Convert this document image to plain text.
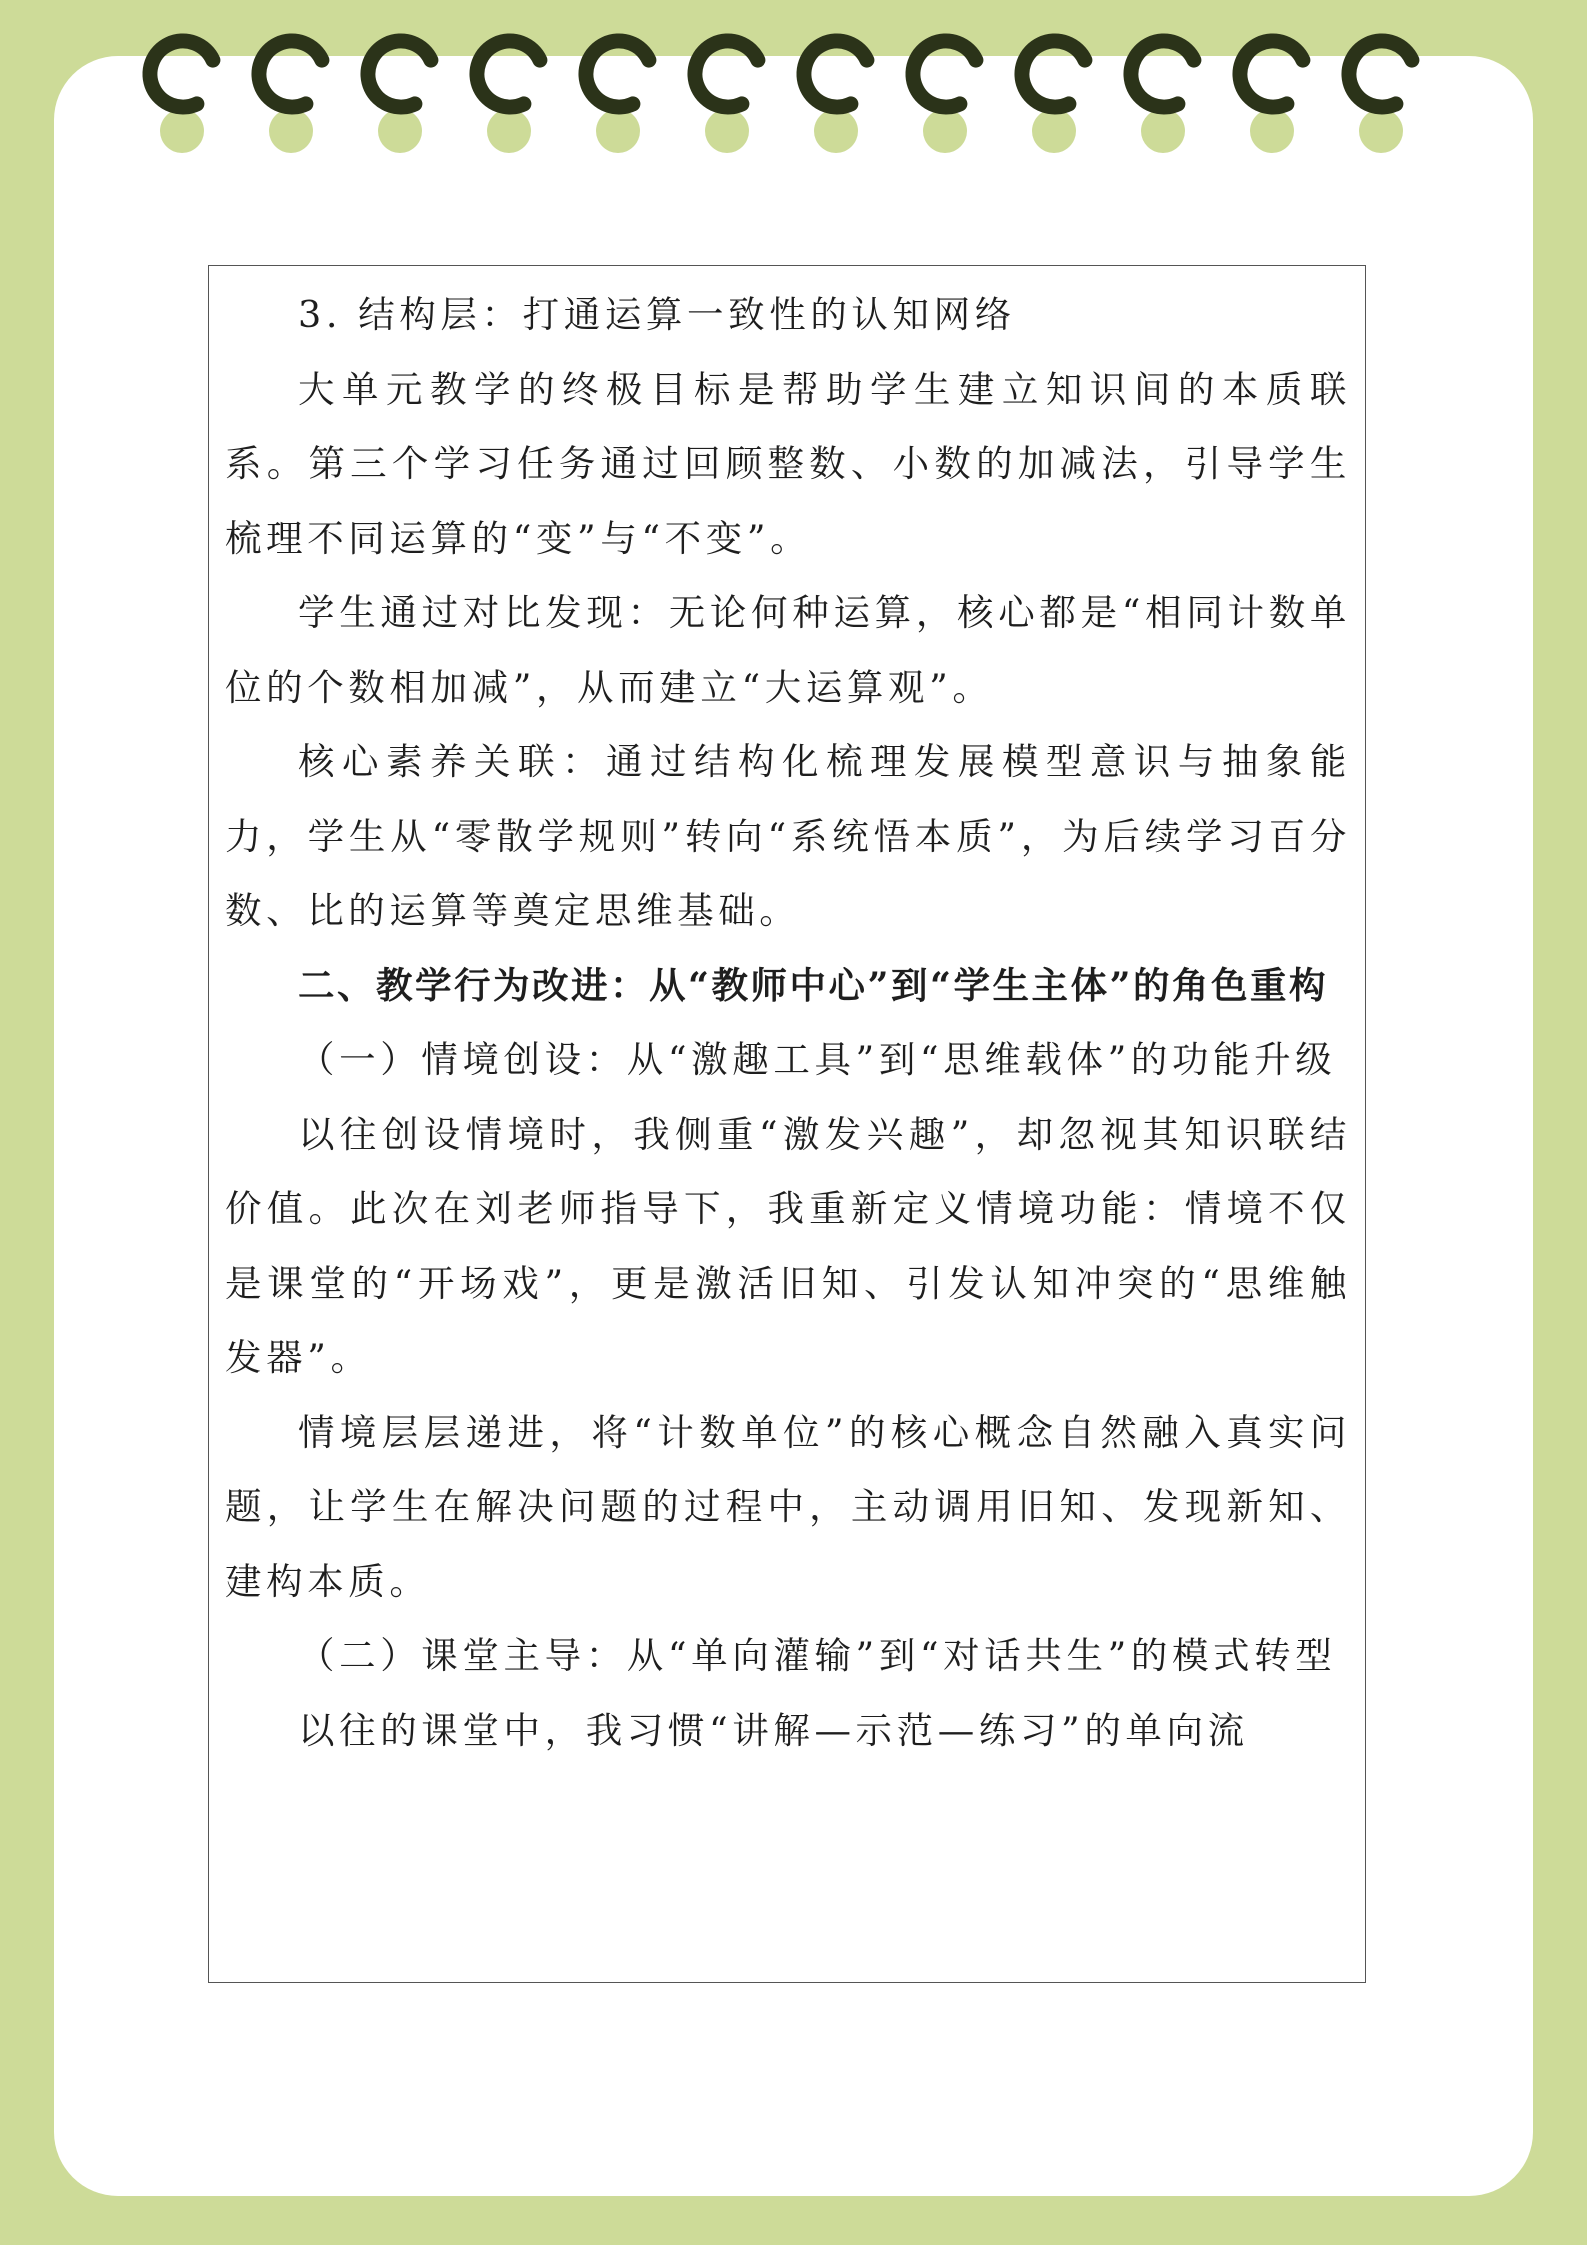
3. 结构层：打通运算一致性的认知网络

大单元教学的终极目标是帮助学生建立知识间的本质联系。第三个学习任务通过回顾整数、小数的加减法，引导学生梳理不同运算的“变”与“不变”。

学生通过对比发现：无论何种运算，核心都是“相同计数单位的个数相加减”，从而建立“大运算观”。

核心素养关联：通过结构化梳理发展模型意识与抽象能力，学生从“零散学规则”转向“系统悟本质”，为后续学习百分数、比的运算等奠定思维基础。

二、教学行为改进：从“教师中心”到“学生主体”的角色重构

（一）情境创设：从“激趣工具”到“思维载体”的功能升级

以往创设情境时，我侧重“激发兴趣”，却忽视其知识联结价值。此次在刘老师指导下，我重新定义情境功能：情境不仅是课堂的“开场戏”，更是激活旧知、引发认知冲突的“思维触发器”。

情境层层递进，将“计数单位”的核心概念自然融入真实问题，让学生在解决问题的过程中，主动调用旧知、发现新知、建构本质。

（二）课堂主导：从“单向灌输”到“对话共生”的模式转型

以往的课堂中，我习惯“讲解—示范—练习”的单向流
